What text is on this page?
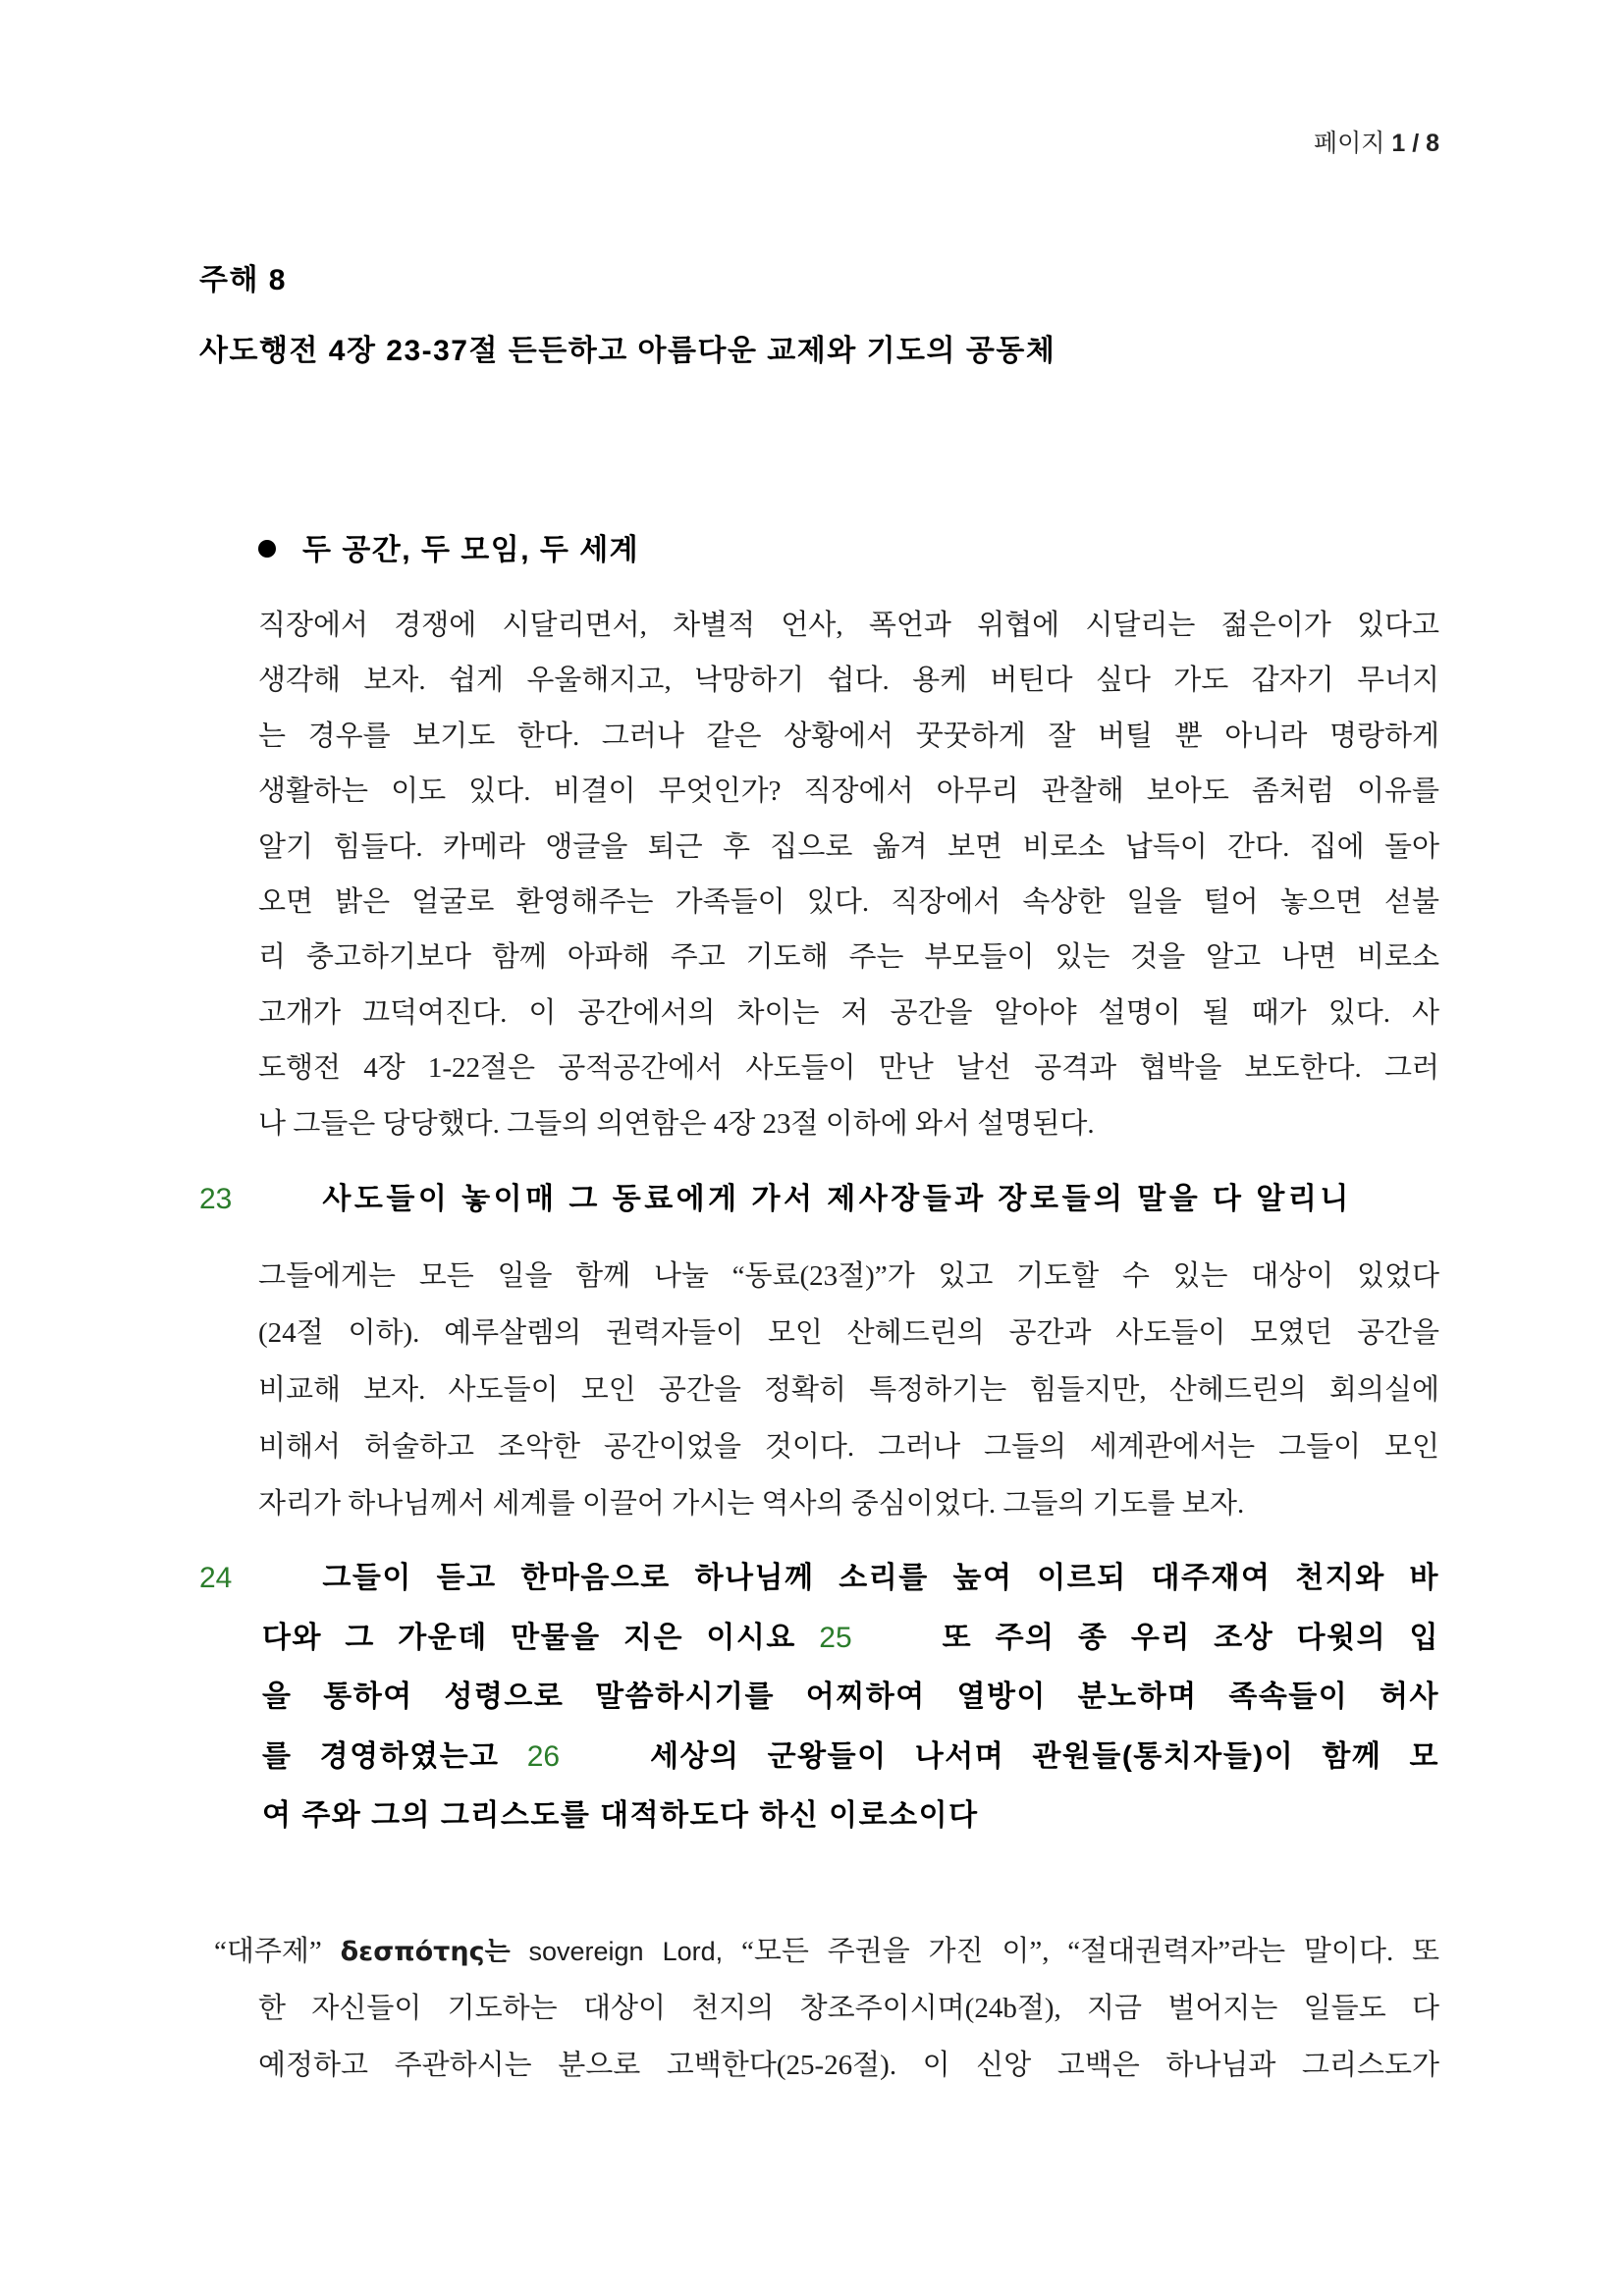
페이지 1 / 8
주해 8
사도행전 4장 23-37절 든든하고 아름다운 교제와 기도의 공동체
두 공간, 두 모임, 두 세계
직장에서 경쟁에 시달리면서, 차별적 언사, 폭언과 위협에 시달리는 젊은이가 있다고
생각해 보자. 쉽게 우울해지고, 낙망하기 쉽다. 용케 버틴다 싶다 가도 갑자기 무너지
는 경우를 보기도 한다. 그러나 같은 상황에서 꿋꿋하게 잘 버틸 뿐 아니라 명랑하게
생활하는 이도 있다. 비결이 무엇인가? 직장에서 아무리 관찰해 보아도 좀처럼 이유를
알기 힘들다. 카메라 앵글을 퇴근 후 집으로 옮겨 보면 비로소 납득이 간다. 집에 돌아
오면 밝은 얼굴로 환영해주는 가족들이 있다. 직장에서 속상한 일을 털어 놓으면 섣불
리 충고하기보다 함께 아파해 주고 기도해 주는 부모들이 있는 것을 알고 나면 비로소
고개가 끄덕여진다. 이 공간에서의 차이는 저 공간을 알아야 설명이 될 때가 있다. 사
도행전 4장 1-22절은 공적공간에서 사도들이 만난 날선 공격과 협박을 보도한다. 그러
나 그들은 당당했다. 그들의 의연함은 4장 23절 이하에 와서 설명된다.
23	사도들이 놓이매 그 동료에게 가서 제사장들과 장로들의 말을 다 알리니
그들에게는 모든 일을 함께 나눌 “동료(23절)”가 있고 기도할 수 있는 대상이 있었다
(24절 이하). 예루살렘의 권력자들이 모인 산헤드린의 공간과 사도들이 모였던 공간을
비교해 보자. 사도들이 모인 공간을 정확히 특정하기는 힘들지만, 산헤드린의 회의실에
비해서 허술하고 조악한 공간이었을 것이다. 그러나 그들의 세계관에서는 그들이 모인
자리가 하나님께서 세계를 이끌어 가시는 역사의 중심이었다. 그들의 기도를 보자.
24	그들이 듣고 한마음으로 하나님께 소리를 높여 이르되 대주재여 천지와 바
다와 그 가운데 만물을 지은 이시요 25	또 주의 종 우리 조상 다윗의 입
을 통하여 성령으로 말씀하시기를 어찌하여 열방이 분노하며 족속들이 허사
를 경영하였는고 26	세상의 군왕들이 나서며 관원들(통치자들)이 함께 모
여 주와 그의 그리스도를 대적하도다 하신 이로소이다
“대주제” δεσπότης는 sovereign Lord, “모든 주권을 가진 이”, “절대권력자”라는 말이다. 또
한 자신들이 기도하는 대상이 천지의 창조주이시며(24b절), 지금 벌어지는 일들도 다
예정하고 주관하시는 분으로 고백한다(25-26절). 이 신앙 고백은 하나님과 그리스도가
